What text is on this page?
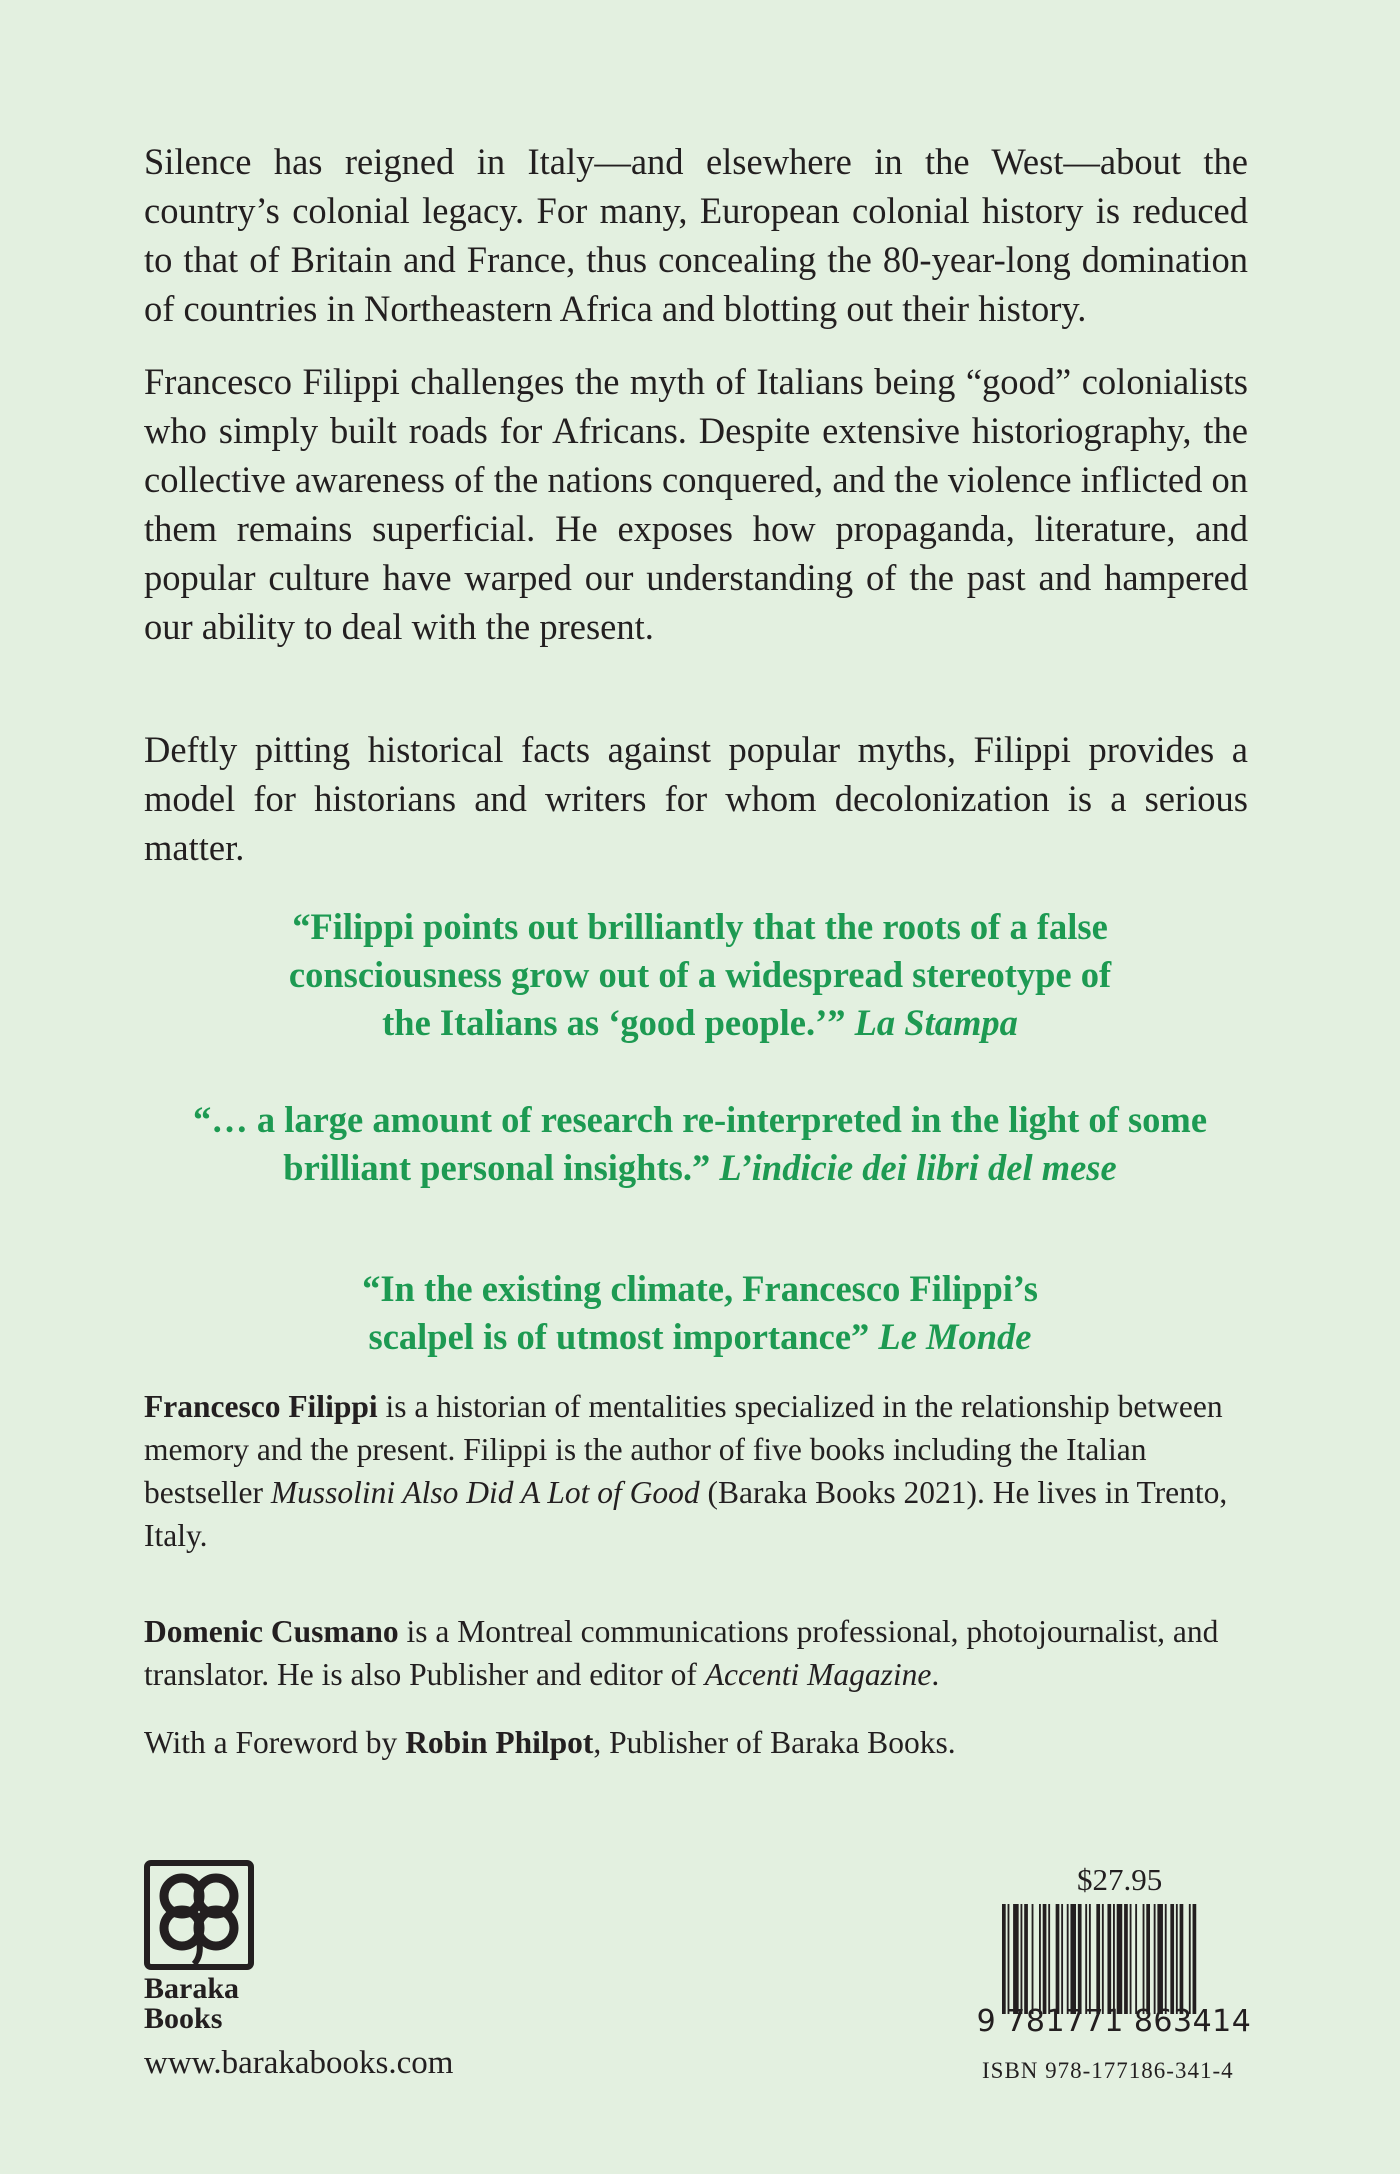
Silence has reigned in Italy—and elsewhere in the West—about the country’s colonial legacy. For many, European colonial history is reduced to that of Britain and France, thus concealing the 80-year-long domination of countries in Northeastern Africa and blotting out their history.

Francesco Filippi challenges the myth of Italians being “good” colonialists who simply built roads for Africans. Despite extensive historiography, the collective awareness of the nations conquered, and the violence inflicted on them remains superficial. He exposes how propaganda, literature, and popular culture have warped our understanding of the past and hampered our ability to deal with the present.

Deftly pitting historical facts against popular myths, Filippi provides a model for historians and writers for whom decolonization is a serious matter.

“Filippi points out brilliantly that the roots of a false consciousness grow out of a widespread stereotype of the Italians as ‘good people.’” La Stampa

“… a large amount of research re-interpreted in the light of some brilliant personal insights.” L’indicie dei libri del mese

“In the existing climate, Francesco Filippi’s scalpel is of utmost importance” Le Monde

Francesco Filippi is a historian of mentalities specialized in the relationship between memory and the present. Filippi is the author of five books including the Italian bestseller Mussolini Also Did A Lot of Good (Baraka Books 2021). He lives in Trento, Italy.

Domenic Cusmano is a Montreal communications professional, photojournalist, and translator. He is also Publisher and editor of Accenti Magazine.

With a Foreword by Robin Philpot, Publisher of Baraka Books.

Baraka
Books
www.barakabooks.com
$27.95
9 781771 863414
ISBN 978-177186-341-4
